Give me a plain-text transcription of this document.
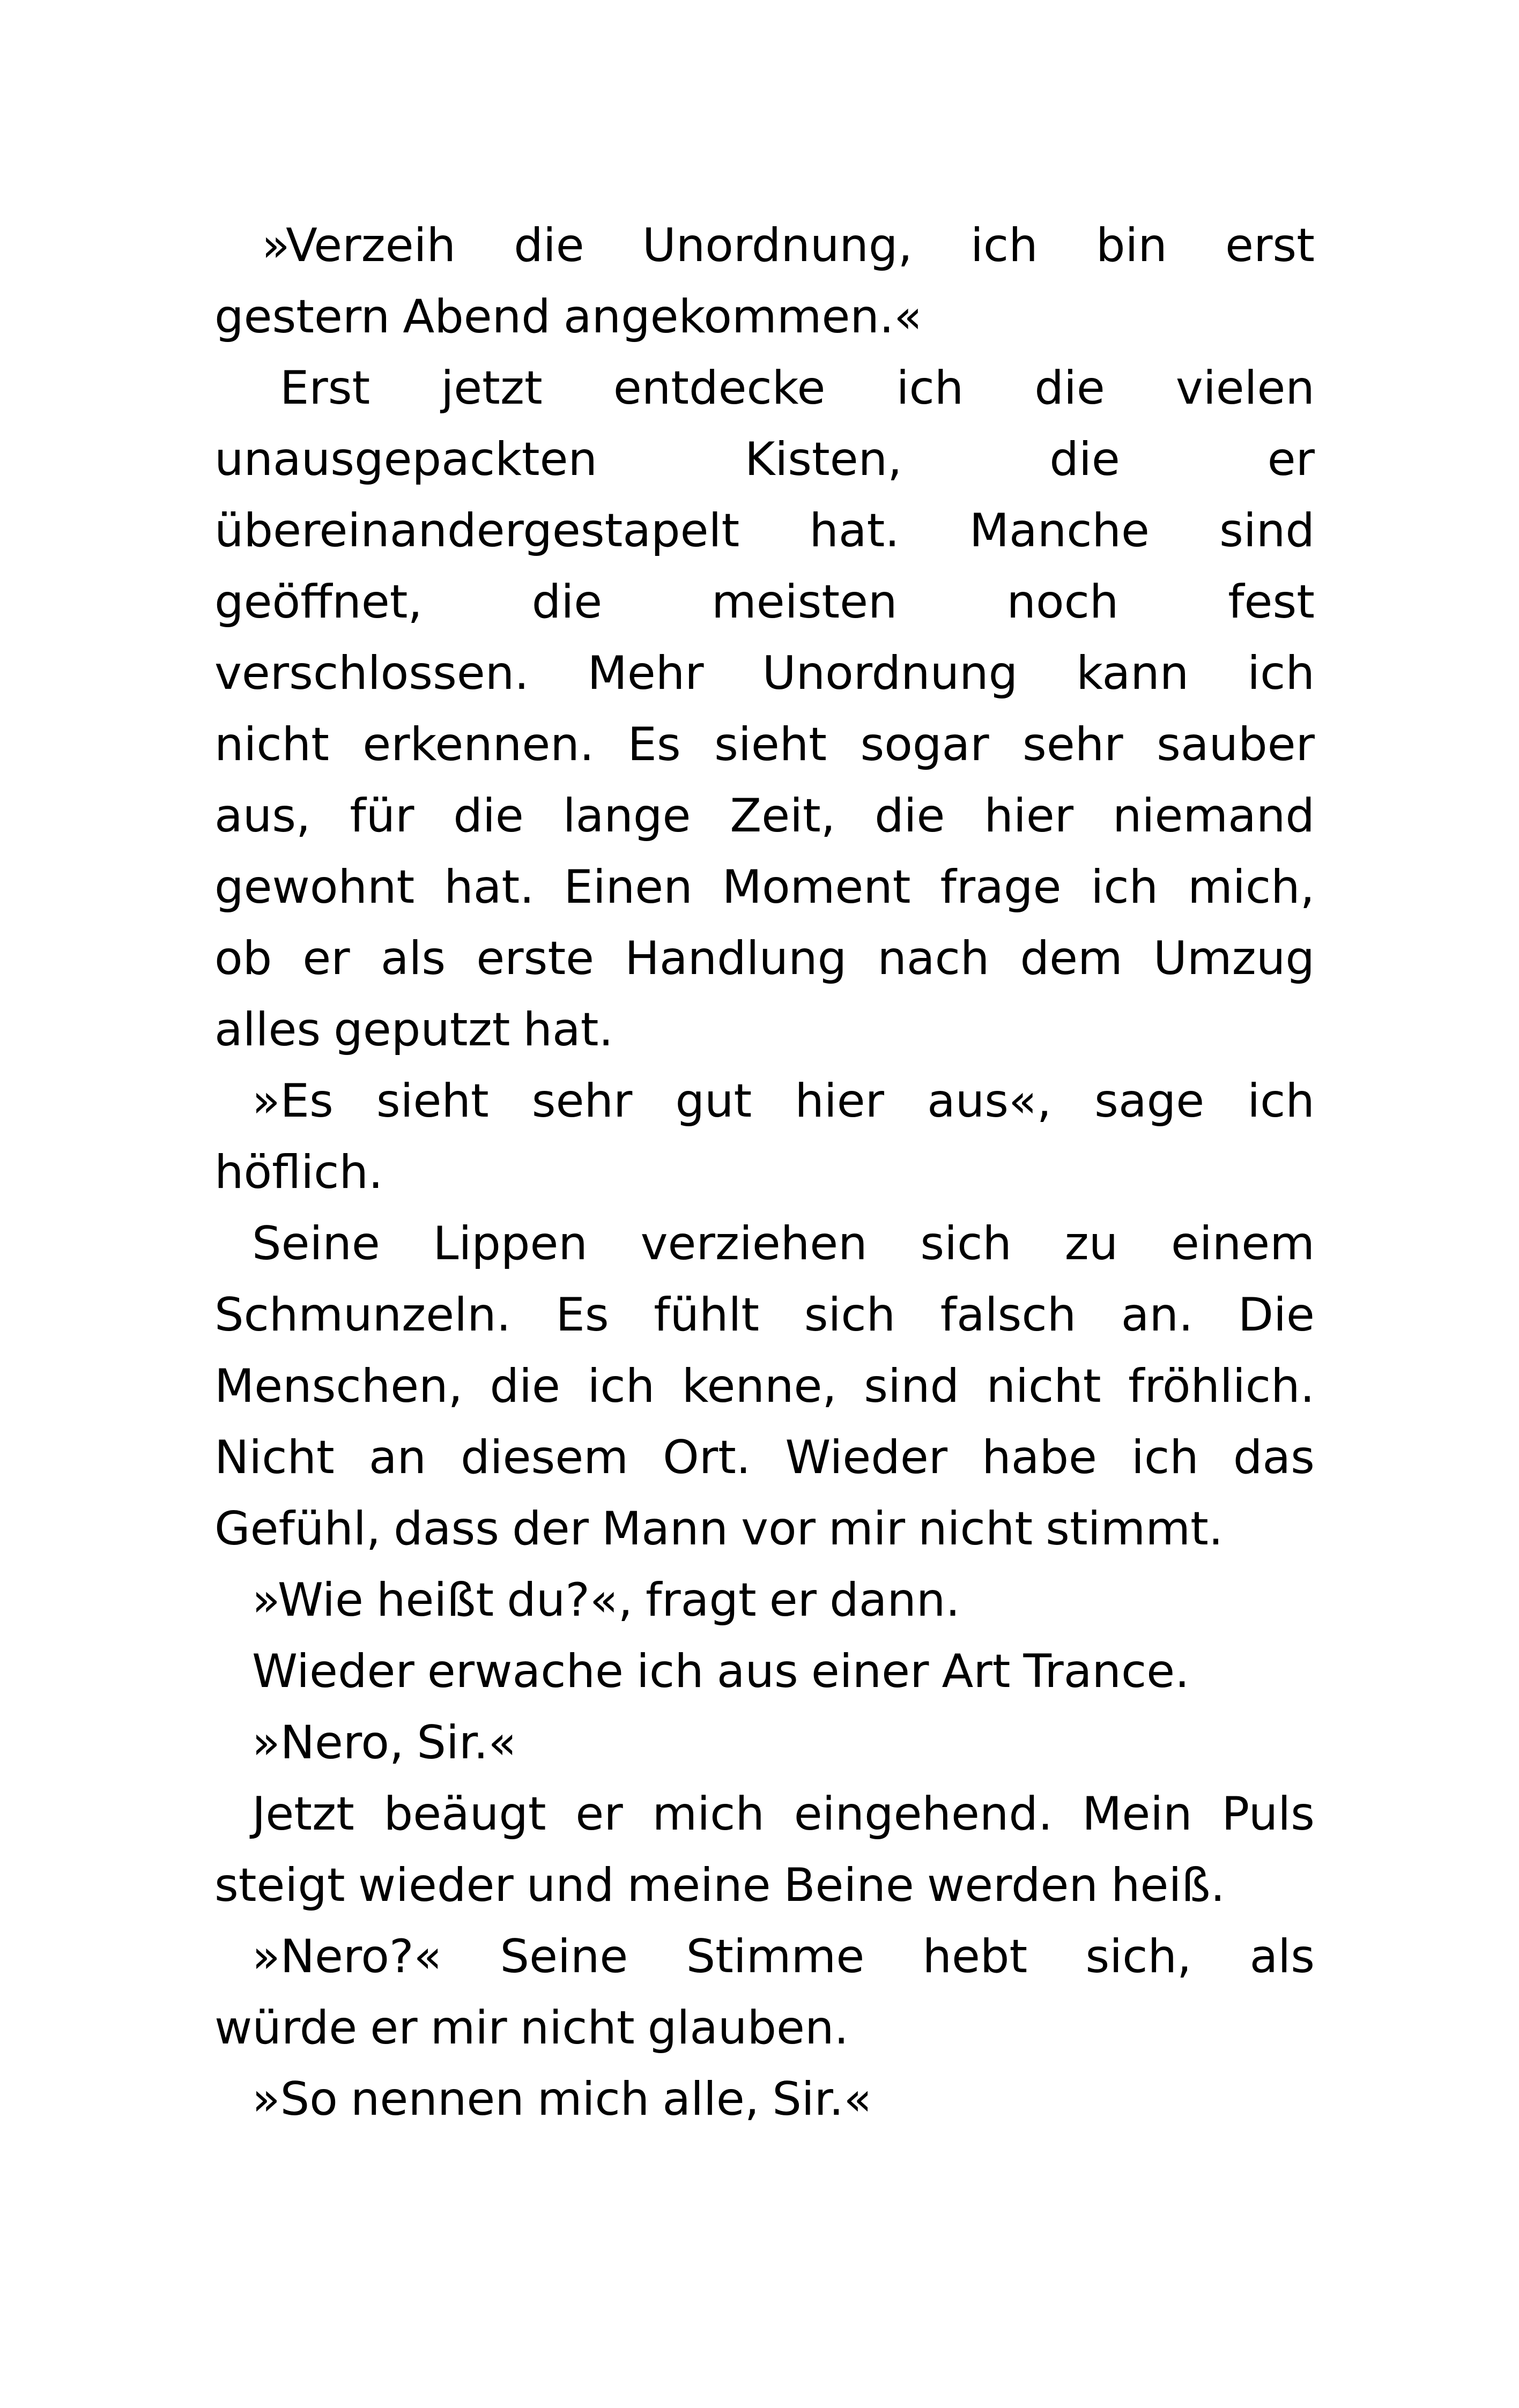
»Verzeih die Unordnung, ich bin erst
gestern Abend angekommen.«
Erst jetzt entdecke ich die vielen
unausgepackten	Kisten,	die	er
übereinandergestapelt hat. Manche sind
geöffnet, die meisten noch fest
verschlossen. Mehr Unordnung kann ich
nicht erkennen. Es sieht sogar sehr sauber
aus, für die lange Zeit, die hier niemand
gewohnt hat. Einen Moment frage ich mich,
ob er als erste Handlung nach dem Umzug
alles geputzt hat.
»Es sieht sehr gut hier aus«, sage ich
höflich.
Seine Lippen verziehen sich zu einem
Schmunzeln. Es fühlt sich falsch an. Die
Menschen, die ich kenne, sind nicht fröhlich.
Nicht an diesem Ort. Wieder habe ich das
Gefühl, dass der Mann vor mir nicht stimmt.
»Wie heißt du?«, fragt er dann.
Wieder erwache ich aus einer Art Trance.
»Nero, Sir.«
Jetzt beäugt er mich eingehend. Mein Puls
steigt wieder und meine Beine werden heiß.
»Nero?« Seine Stimme hebt sich, als
würde er mir nicht glauben.
»So nennen mich alle, Sir.«
